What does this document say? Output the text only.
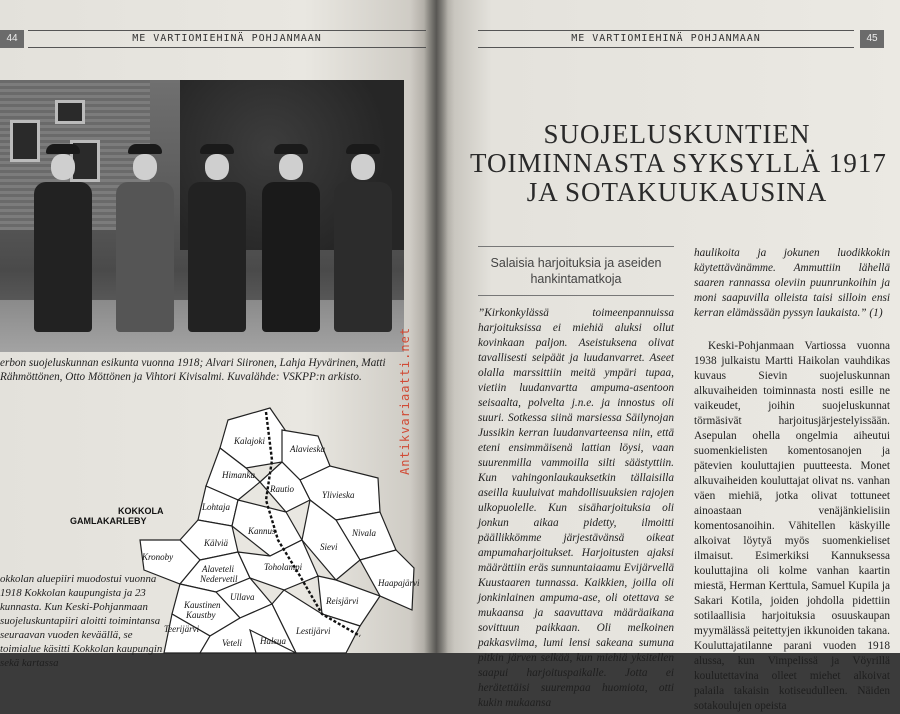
44	ME VARTIOMIEHINÄ POHJANMAAN
erbon suojeluskunnan esikunta vuonna 1918; Alvari Siironen, Lahja Hyvärinen, Matti Rähmöttönen, Otto Möttönen ja Vihtori Kivisalmi. Kuvalähde: VSKPP:n arkisto.
Kalajoki
Alavieska
Himanka
Rautio
Ylivieska
Lohtaja
Kannus	Nivala
Kälviä	Sievi
Kronoby
Alaveteli
Nedervetil
Toholampi
Haapajärvi
Ullava
Kaustinen
Kaustby
Reisjärvi
Teerijärvi	Lestijärvi
Veteli Halsua
KOKKOLA
GAMLAKARLEBY
okkolan aluepiiri muodostui vuonna 1918 Kokkolan kaupungista ja 23 kunnasta. Kun Keski-Pohjanmaan suojeluskuntapiiri aloitti toimintansa seuraavan vuoden keväällä, se toimialue käsitti Kokkolan kaupungin sekä kartassa
ME VARTIOMIEHINÄ POHJANMAAN	45
Antikvariaatti.net
SUOJELUSKUNTIEN
TOIMINNASTA SYKSYLLÄ 1917
JA SOTAKUUKAUSINA
Salaisia harjoituksia ja aseiden hankintamatkoja

”Kirkonkylässä toimeenpannuissa harjoituksissa ei miehiä aluksi ollut kovinkaan paljon. Aseistuksena olivat tavallisesti seipäät ja luudanvarret. Aseet olalla marssittiin meitä ympäri tupaa, vietiin luudanvartta ampuma-asentoon seisaalta, polvelta j.n.e. ja innostus oli suuri. Sotkessa siinä marsiessa Säilynojan Jussikin kerran luudanvarteensa niin, että eteni ensimmäisenä lattian löysi, vaan suurenmilla vammoilla silti säästyttiin. Kun vahingonlaukauksetkin tällaisilla aseilla kuuluivat mahdollisuuksien rajojen ulkopuolelle. Kun sisäharjoituksia oli jonkun aikaa pidetty, ilmoitti päällikkömme järjestävänsä oikeat ampumaharjoitukset. Harjoitusten ajaksi määrättiin eräs sunnuntaiaamu Evijärvellä Kuustaaren tunnassa. Kaikkien, joilla oli jonkinlainen ampuma-ase, oli otettava se mukaansa ja saavuttava määräaikana sovittuun paikkaan. Oli melkoinen pakkasviima, lumi lensi sakeana sumuna pitkin järven selkää, kun miehiä yksitellen saapui harjoituspaikalle. Jotta ei herätettäisi suurempaa huomiota, otti kukin mukaansa

haulikoita ja jokunen luodikkokin käytettävänämme. Ammuttiin lähellä saaren rannassa oleviin puunrunkoihin ja moni saapuvilla olleista taisi silloin ensi kerran elämässään pyssyn laukaista.” (1)

Keski-Pohjanmaan Vartiossa vuonna 1938 julkaistu Martti Haikolan vauhdikas kuvaus Sievin suojeluskunnan alkuvaiheiden toiminnasta nosti esille ne vaikeudet, joihin suojeluskunnat törmäsivät harjoitusjärjestelyissään. Asepulan ohella ongelmia aiheutui suomenkielisten komentosanojen ja pätevien kouluttajien puutteesta. Monet alkuvaiheiden kouluttajat olivat ns. vanhan väen miehiä, jotka olivat tottuneet ainoastaan venäjänkielisiin komentosanoihin. Vähitellen käskyille alkoivat löytyä myös suomenkieliset ilmaisut. Esimerkiksi Kannuksessa kouluttajina oli kolme vanhan kaartin miestä, Herman Kerttula, Samuel Kupila ja Sakari Kotila, joiden johdolla pidettiin sotilaallisia harjoituksia osuuskaupan myymälässä peitettyjen ikkunoiden takana. Kouluttajatilanne parani vuoden 1918 alussa, kun Vimpelissä ja Vöyrillä koulutettavina olleet miehet alkoivat palaila takaisin kotiseudulleen. Näiden sotakoulujen opeista
